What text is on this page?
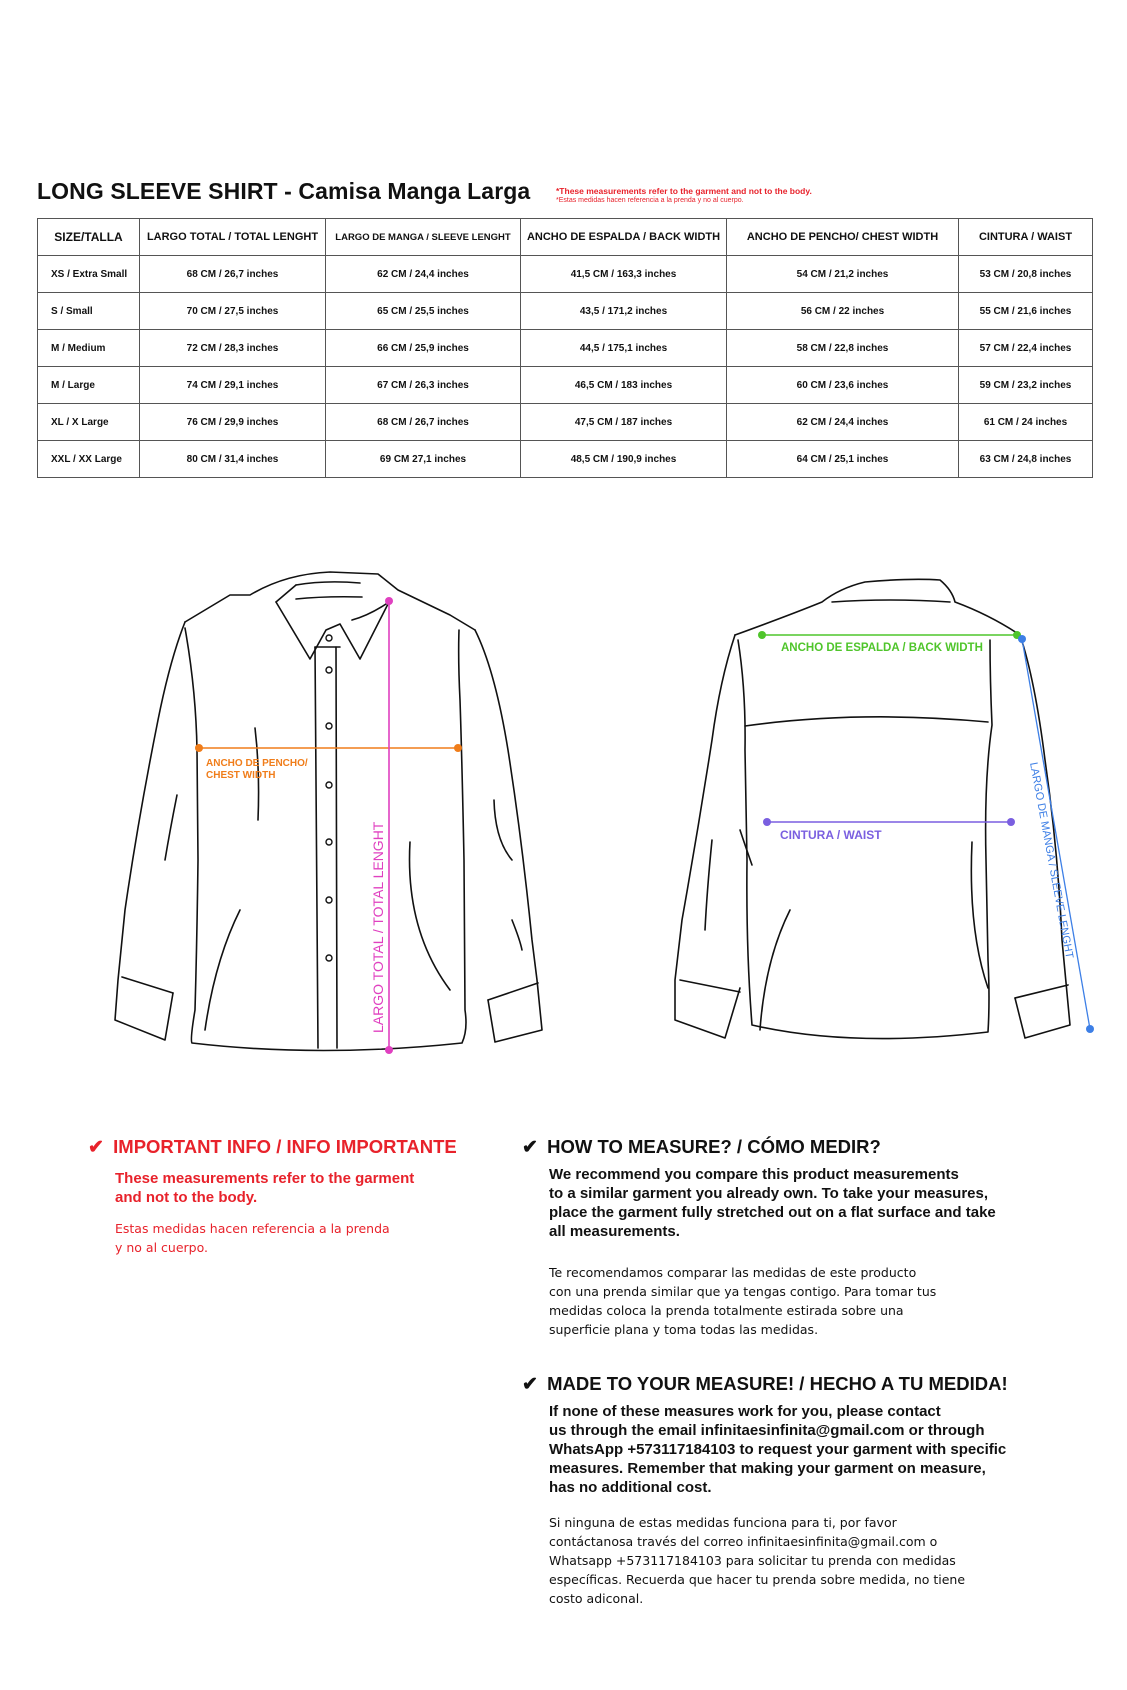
LONG SLEEVE SHIRT - Camisa Manga Larga	*These measurements refer to the garment and not to the body.
*Estas medidas hacen referencia a la prenda y no al cuerpo.
SIZE/TALLA	LARGO TOTAL / TOTAL LENGHT	LARGO DE MANGA / SLEEVE LENGHT	ANCHO DE ESPALDA / BACK WIDTH	ANCHO DE PENCHO/ CHEST WIDTH	CINTURA / WAIST
XS / Extra Small	68 CM / 26,7 inches	62 CM / 24,4 inches	41,5 CM / 163,3 inches	54 CM / 21,2 inches	53 CM / 20,8 inches
S / Small	70 CM / 27,5 inches	65 CM / 25,5 inches	43,5 / 171,2 inches	56 CM / 22 inches	55 CM / 21,6 inches
M / Medium	72 CM / 28,3 inches	66 CM / 25,9 inches	44,5 / 175,1 inches	58 CM / 22,8 inches	57 CM / 22,4 inches
M / Large	74 CM / 29,1 inches	67 CM / 26,3 inches	46,5 CM / 183 inches	60 CM / 23,6 inches	59 CM / 23,2 inches
XL / X Large	76 CM / 29,9 inches	68 CM / 26,7 inches	47,5 CM / 187 inches	62 CM / 24,4 inches	61 CM / 24 inches
XXL / XX Large	80 CM / 31,4 inches	69 CM 27,1 inches	48,5 CM / 190,9 inches	64 CM / 25,1 inches	63 CM / 24,8 inches
ANCHO DE PENCHO/
CHEST WIDTH
LARGO TOTAL / TOTAL LENGHT
ANCHO DE ESPALDA / BACK WIDTH
CINTURA / WAIST	LARGO DE MANGA / SLEEVE LENGHT
✔ IMPORTANT INFO / INFO IMPORTANTE
These measurements refer to the garment
and not to the body.
Estas medidas hacen referencia a la prenda
y no al cuerpo.
✔ HOW TO MEASURE? / CÓMO MEDIR?
We recommend you compare this product measurements
to a similar garment you already own. To take your measures,
place the garment fully stretched out on a flat surface and take
all measurements.
Te recomendamos comparar las medidas de este producto
con una prenda similar que ya tengas contigo. Para tomar tus
medidas coloca la prenda totalmente estirada sobre una
superficie plana y toma todas las medidas.
✔ MADE TO YOUR MEASURE! / HECHO A TU MEDIDA!
If none of these measures work for you, please contact
us through the email infinitaesinfinita@gmail.com or through
WhatsApp +573117184103 to request your garment with specific
measures. Remember that making your garment on measure,
has no additional cost.
Si ninguna de estas medidas funciona para ti, por favor
contáctanosa través del correo infinitaesinfinita@gmail.com o
Whatsapp +573117184103 para solicitar tu prenda con medidas
específicas. Recuerda que hacer tu prenda sobre medida, no tiene
costo adiconal.
